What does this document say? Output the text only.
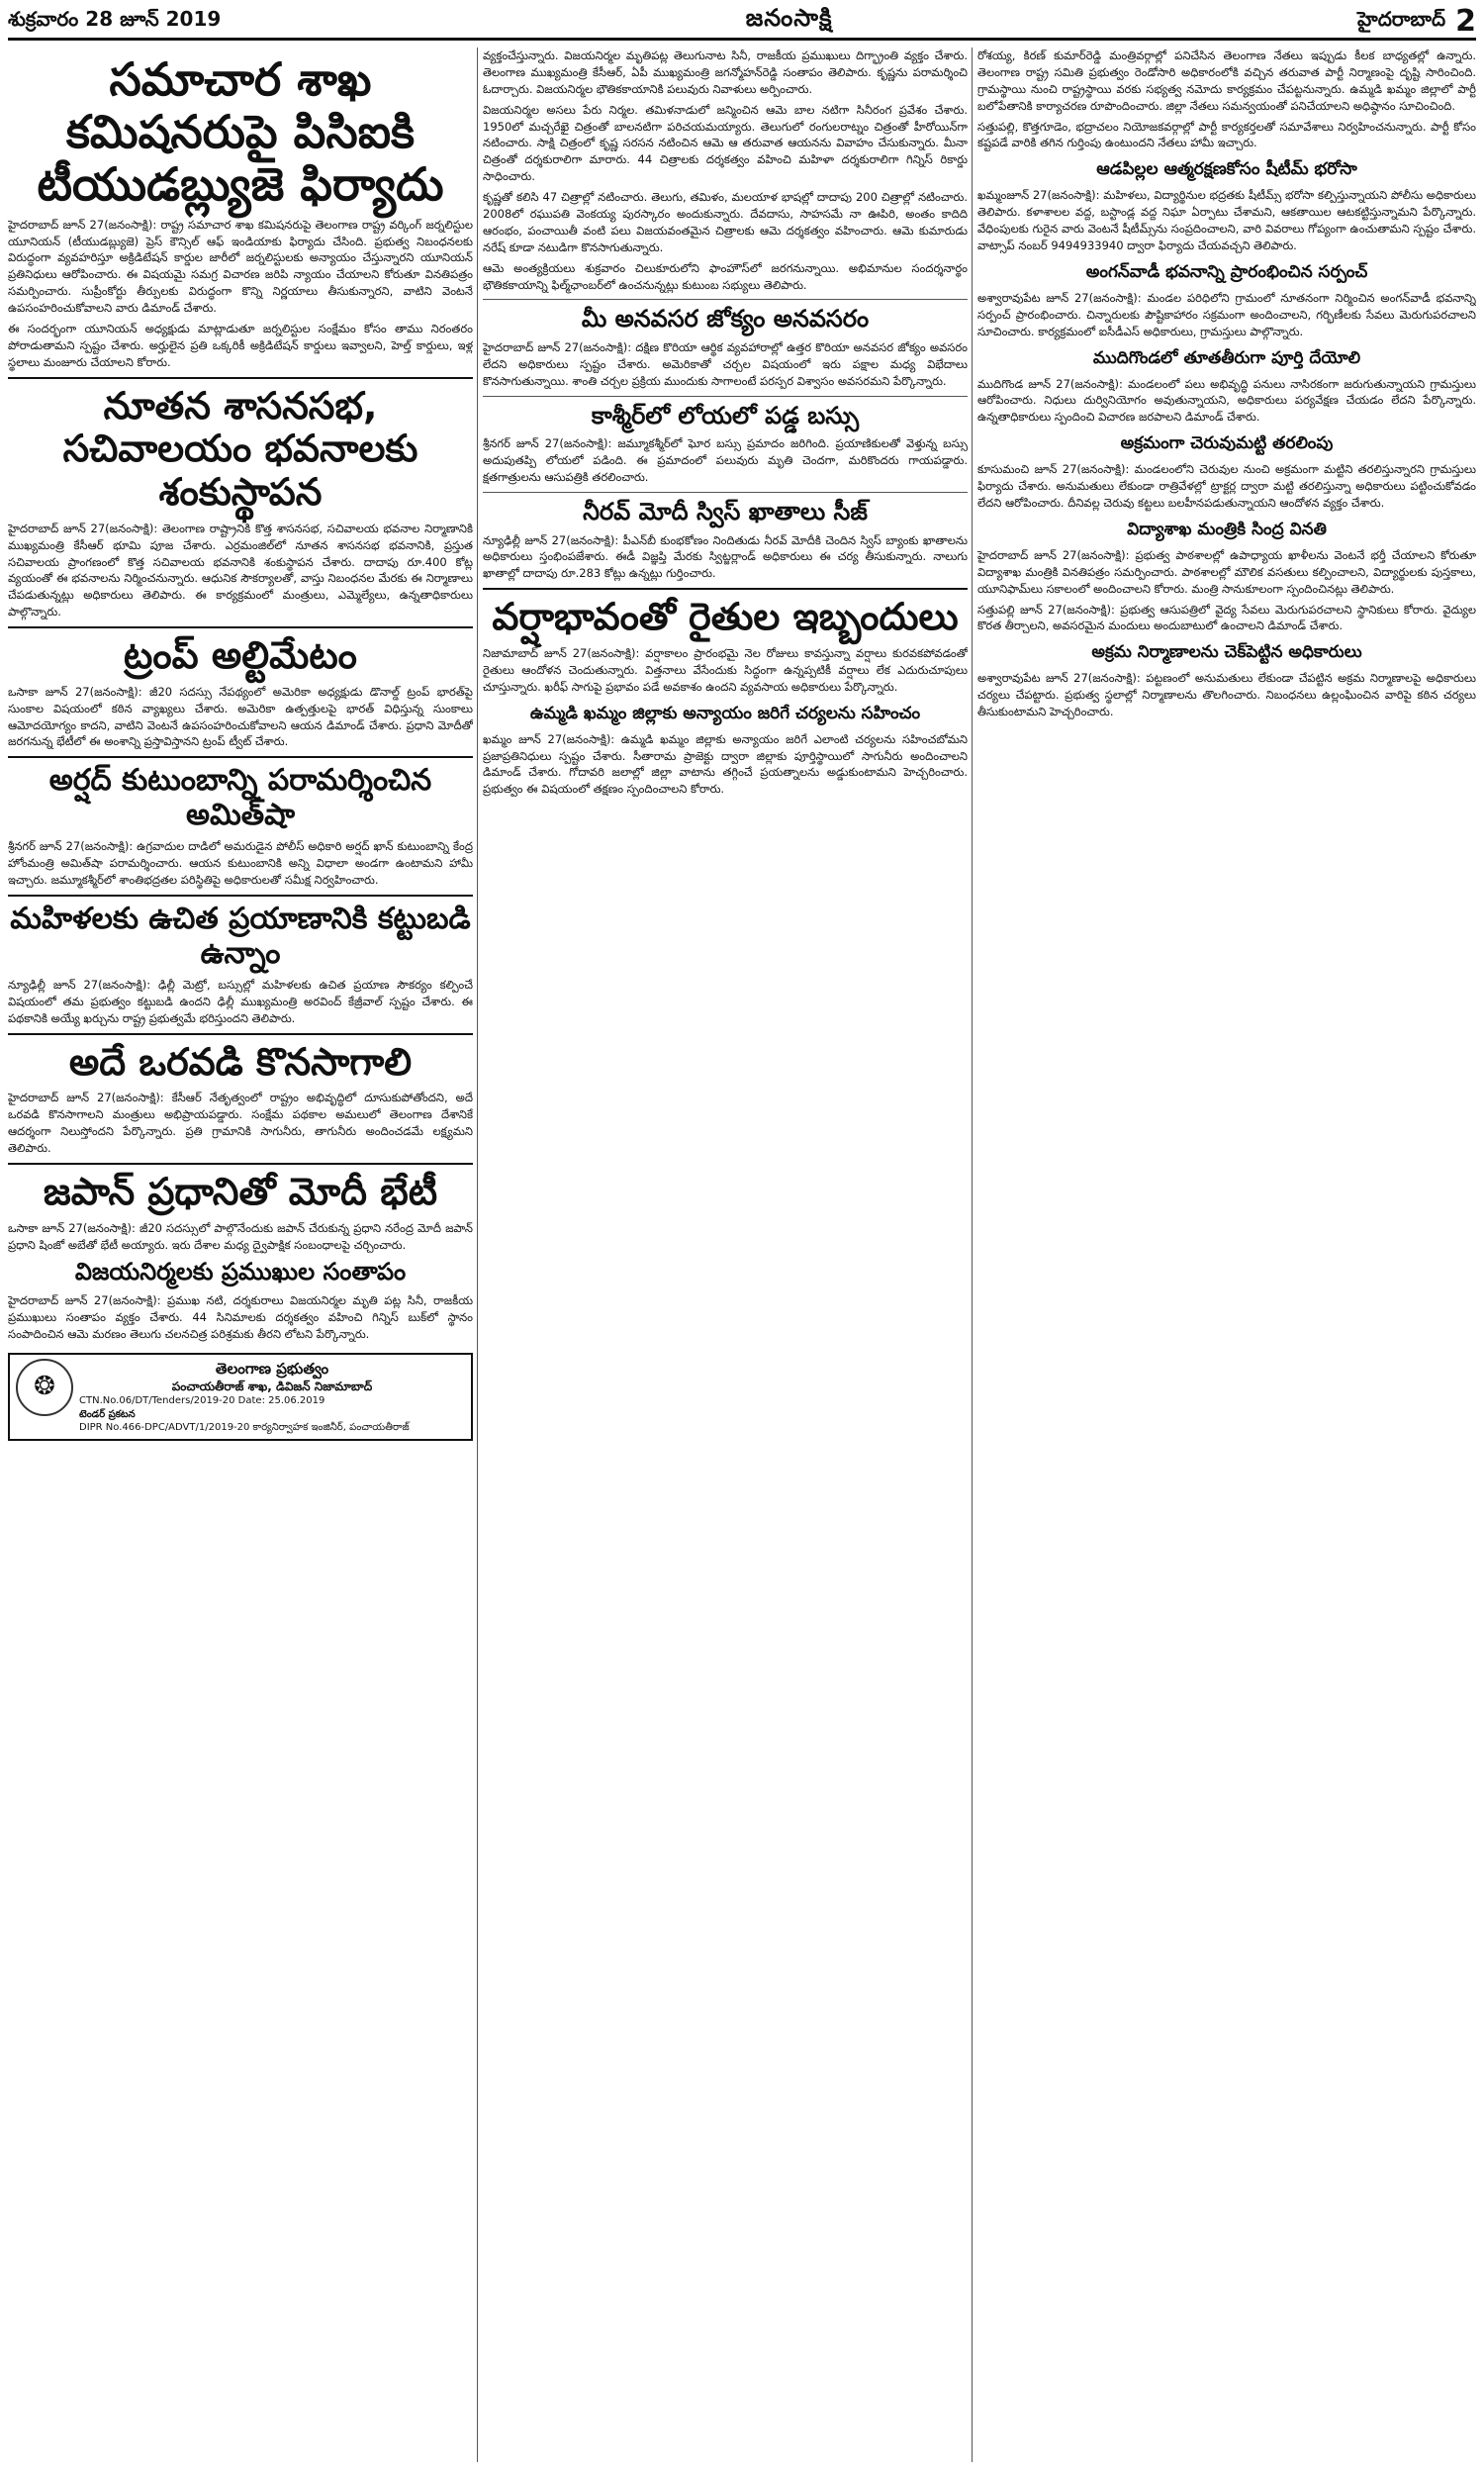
శుక్రవారం 28 జూన్ 2019	జనంసాక్షి	హైదరాబాద్ 2
సమాచార శాఖ కమిషనరుపై పిసిఐకి టీయుడబ్ల్యుజె ఫిర్యాదు

హైదరాబాద్ జూన్ 27(జనంసాక్షి): రాష్ట్ర సమాచార శాఖ కమిషనరుపై తెలంగాణ రాష్ట్ర వర్కింగ్ జర్నలిస్టుల యూనియన్ (టీయుడబ్ల్యుజె) ప్రెస్ కౌన్సిల్ ఆఫ్ ఇండియాకు ఫిర్యాదు చేసింది. ప్రభుత్వ నిబంధనలకు విరుద్ధంగా వ్యవహరిస్తూ అక్రిడిటేషన్ కార్డుల జారీలో జర్నలిస్టులకు అన్యాయం చేస్తున్నారని యూనియన్ ప్రతినిధులు ఆరోపించారు. ఈ విషయమై సమగ్ర విచారణ జరిపి న్యాయం చేయాలని కోరుతూ వినతిపత్రం సమర్పించారు. సుప్రీంకోర్టు తీర్పులకు విరుద్ధంగా కొన్ని నిర్ణయాలు తీసుకున్నారని, వాటిని వెంటనే ఉపసంహరించుకోవాలని వారు డిమాండ్ చేశారు.

ఈ సందర్భంగా యూనియన్ అధ్యక్షుడు మాట్లాడుతూ జర్నలిస్టుల సంక్షేమం కోసం తాము నిరంతరం పోరాడుతామని స్పష్టం చేశారు. అర్హులైన ప్రతి ఒక్కరికీ అక్రిడిటేషన్ కార్డులు ఇవ్వాలని, హెల్త్ కార్డులు, ఇళ్ల స్థలాలు మంజూరు చేయాలని కోరారు.

నూతన శాసనసభ, సచివాలయం భవనాలకు శంకుస్థాపన

హైదరాబాద్ జూన్ 27(జనంసాక్షి): తెలంగాణ రాష్ట్రానికి కొత్త శాసనసభ, సచివాలయ భవనాల నిర్మాణానికి ముఖ్యమంత్రి కేసీఆర్ భూమి పూజ చేశారు. ఎర్రమంజిల్‌లో నూతన శాసనసభ భవనానికి, ప్రస్తుత సచివాలయ ప్రాంగణంలో కొత్త సచివాలయ భవనానికి శంకుస్థాపన చేశారు. దాదాపు రూ.400 కోట్ల వ్యయంతో ఈ భవనాలను నిర్మించనున్నారు. ఆధునిక సౌకర్యాలతో, వాస్తు నిబంధనల మేరకు ఈ నిర్మాణాలు చేపడుతున్నట్లు అధికారులు తెలిపారు. ఈ కార్యక్రమంలో మంత్రులు, ఎమ్మెల్యేలు, ఉన్నతాధికారులు పాల్గొన్నారు.

ట్రంప్ అల్టిమేటం

ఒసాకా జూన్ 27(జనంసాక్షి): జీ20 సదస్సు నేపథ్యంలో అమెరికా అధ్యక్షుడు డొనాల్డ్ ట్రంప్ భారత్‌పై సుంకాల విషయంలో కఠిన వ్యాఖ్యలు చేశారు. అమెరికా ఉత్పత్తులపై భారత్ విధిస్తున్న సుంకాలు ఆమోదయోగ్యం కాదని, వాటిని వెంటనే ఉపసంహరించుకోవాలని ఆయన డిమాండ్ చేశారు. ప్రధాని మోదీతో జరగనున్న భేటీలో ఈ అంశాన్ని ప్రస్తావిస్తానని ట్రంప్ ట్వీట్ చేశారు.

అర్షద్ కుటుంబాన్ని పరామర్శించిన అమిత్‌షా

శ్రీనగర్ జూన్ 27(జనంసాక్షి): ఉగ్రవాదుల దాడిలో అమరుడైన పోలీస్ అధికారి అర్షద్ ఖాన్ కుటుంబాన్ని కేంద్ర హోంమంత్రి అమిత్‌షా పరామర్శించారు. ఆయన కుటుంబానికి అన్ని విధాలా అండగా ఉంటామని హామీ ఇచ్చారు. జమ్మూకశ్మీర్‌లో శాంతిభద్రతల పరిస్థితిపై అధికారులతో సమీక్ష నిర్వహించారు.

మహిళలకు ఉచిత ప్రయాణానికి కట్టుబడి ఉన్నాం

న్యూఢిల్లీ జూన్ 27(జనంసాక్షి): ఢిల్లీ మెట్రో, బస్సుల్లో మహిళలకు ఉచిత ప్రయాణ సౌకర్యం కల్పించే విషయంలో తమ ప్రభుత్వం కట్టుబడి ఉందని ఢిల్లీ ముఖ్యమంత్రి అరవింద్ కేజ్రీవాల్ స్పష్టం చేశారు. ఈ పథకానికి అయ్యే ఖర్చును రాష్ట్ర ప్రభుత్వమే భరిస్తుందని తెలిపారు.

అదే ఒరవడి కొనసాగాలి

హైదరాబాద్ జూన్ 27(జనంసాక్షి): కేసీఆర్ నేతృత్వంలో రాష్ట్రం అభివృద్ధిలో దూసుకుపోతోందని, అదే ఒరవడి కొనసాగాలని మంత్రులు అభిప్రాయపడ్డారు. సంక్షేమ పథకాల అమలులో తెలంగాణ దేశానికే ఆదర్శంగా నిలుస్తోందని పేర్కొన్నారు. ప్రతి గ్రామానికి సాగునీరు, తాగునీరు అందించడమే లక్ష్యమని తెలిపారు.

జపాన్ ప్రధానితో మోదీ భేటీ

ఒసాకా జూన్ 27(జనంసాక్షి): జీ20 సదస్సులో పాల్గొనేందుకు జపాన్ చేరుకున్న ప్రధాని నరేంద్ర మోదీ జపాన్ ప్రధాని షింజో అబేతో భేటీ అయ్యారు. ఇరు దేశాల మధ్య ద్వైపాక్షిక సంబంధాలపై చర్చించారు.

విజయనిర్మలకు ప్రముఖుల సంతాపం

హైదరాబాద్ జూన్ 27(జనంసాక్షి): ప్రముఖ నటి, దర్శకురాలు విజయనిర్మల మృతి పట్ల సినీ, రాజకీయ ప్రముఖులు సంతాపం వ్యక్తం చేశారు. 44 సినిమాలకు దర్శకత్వం వహించి గిన్నిస్ బుక్‌లో స్థానం సంపాదించిన ఆమె మరణం తెలుగు చలనచిత్ర పరిశ్రమకు తీరని లోటని పేర్కొన్నారు.

❂
తెలంగాణ ప్రభుత్వం
పంచాయతీరాజ్ శాఖ, డివిజన్ నిజామాబాద్
CTN.No.06/DT/Tenders/2019-20 Date: 25.06.2019
టెండర్ ప్రకటన
DIPR No.466-DPC/ADVT/1/2019-20 కార్యనిర్వాహక ఇంజినీర్, పంచాయతీరాజ్

వ్యక్తంచేస్తున్నారు. విజయనిర్మల మృతిపట్ల తెలుగునాట సినీ, రాజకీయ ప్రముఖులు దిగ్భ్రాంతి వ్యక్తం చేశారు. తెలంగాణ ముఖ్యమంత్రి కేసీఆర్, ఏపీ ముఖ్యమంత్రి జగన్మోహన్‌రెడ్డి సంతాపం తెలిపారు. కృష్ణను పరామర్శించి ఓదార్చారు. విజయనిర్మల భౌతికకాయానికి పలువురు నివాళులు అర్పించారు.

విజయనిర్మల అసలు పేరు నిర్మల. తమిళనాడులో జన్మించిన ఆమె బాల నటిగా సినీరంగ ప్రవేశం చేశారు. 1950లో మచ్చరేఖై చిత్రంతో బాలనటిగా పరిచయమయ్యారు. తెలుగులో రంగులరాట్నం చిత్రంతో హీరోయిన్‌గా నటించారు. సాక్షి చిత్రంలో కృష్ణ సరసన నటించిన ఆమె ఆ తరువాత ఆయనను వివాహం చేసుకున్నారు. మీనా చిత్రంతో దర్శకురాలిగా మారారు. 44 చిత్రాలకు దర్శకత్వం వహించి మహిళా దర్శకురాలిగా గిన్నిస్ రికార్డు సాధించారు.

కృష్ణతో కలిసి 47 చిత్రాల్లో నటించారు. తెలుగు, తమిళం, మలయాళ భాషల్లో దాదాపు 200 చిత్రాల్లో నటించారు. 2008లో రఘుపతి వెంకయ్య పురస్కారం అందుకున్నారు. దేవదాసు, సాహసమే నా ఊపిరి, అంతం కాదిది ఆరంభం, పంచాయితీ వంటి పలు విజయవంతమైన చిత్రాలకు ఆమె దర్శకత్వం వహించారు. ఆమె కుమారుడు నరేష్ కూడా నటుడిగా కొనసాగుతున్నారు.

ఆమె అంత్యక్రియలు శుక్రవారం చిలుకూరులోని ఫాంహౌస్‌లో జరగనున్నాయి. అభిమానుల సందర్శనార్థం భౌతికకాయాన్ని ఫిల్మ్‌ఛాంబర్‌లో ఉంచనున్నట్లు కుటుంబ సభ్యులు తెలిపారు.

మీ అనవసర జోక్యం అనవసరం

హైదరాబాద్ జూన్ 27(జనంసాక్షి): దక్షిణ కొరియా ఆర్థిక వ్యవహారాల్లో ఉత్తర కొరియా అనవసర జోక్యం అవసరం లేదని అధికారులు స్పష్టం చేశారు. అమెరికాతో చర్చల విషయంలో ఇరు పక్షాల మధ్య విభేదాలు కొనసాగుతున్నాయి. శాంతి చర్చల ప్రక్రియ ముందుకు సాగాలంటే పరస్పర విశ్వాసం అవసరమని పేర్కొన్నారు.

కాశ్మీర్‌లో లోయలో పడ్డ బస్సు

శ్రీనగర్ జూన్ 27(జనంసాక్షి): జమ్మూకశ్మీర్‌లో ఘోర బస్సు ప్రమాదం జరిగింది. ప్రయాణికులతో వెళ్తున్న బస్సు అదుపుతప్పి లోయలో పడింది. ఈ ప్రమాదంలో పలువురు మృతి చెందగా, మరికొందరు గాయపడ్డారు. క్షతగాత్రులను ఆసుపత్రికి తరలించారు.

నీరవ్ మోదీ స్విస్ ఖాతాలు సీజ్

న్యూఢిల్లీ జూన్ 27(జనంసాక్షి): పీఎన్‌బీ కుంభకోణం నిందితుడు నీరవ్ మోదీకి చెందిన స్విస్ బ్యాంకు ఖాతాలను అధికారులు స్తంభింపజేశారు. ఈడీ విజ్ఞప్తి మేరకు స్విట్జర్లాండ్ అధికారులు ఈ చర్య తీసుకున్నారు. నాలుగు ఖాతాల్లో దాదాపు రూ.283 కోట్లు ఉన్నట్లు గుర్తించారు.

వర్షాభావంతో రైతుల ఇబ్బందులు

నిజామాబాద్ జూన్ 27(జనంసాక్షి): వర్షాకాలం ప్రారంభమై నెల రోజులు కావస్తున్నా వర్షాలు కురవకపోవడంతో రైతులు ఆందోళన చెందుతున్నారు. విత్తనాలు వేసేందుకు సిద్ధంగా ఉన్నప్పటికీ వర్షాలు లేక ఎదురుచూపులు చూస్తున్నారు. ఖరీఫ్ సాగుపై ప్రభావం పడే అవకాశం ఉందని వ్యవసాయ అధికారులు పేర్కొన్నారు.

ఉమ్మడి ఖమ్మం జిల్లాకు అన్యాయం జరిగే చర్యలను సహించం

ఖమ్మం జూన్ 27(జనంసాక్షి): ఉమ్మడి ఖమ్మం జిల్లాకు అన్యాయం జరిగే ఎలాంటి చర్యలను సహించబోమని ప్రజాప్రతినిధులు స్పష్టం చేశారు. సీతారామ ప్రాజెక్టు ద్వారా జిల్లాకు పూర్తిస్థాయిలో సాగునీరు అందించాలని డిమాండ్ చేశారు. గోదావరి జలాల్లో జిల్లా వాటాను తగ్గించే ప్రయత్నాలను అడ్డుకుంటామని హెచ్చరించారు. ప్రభుత్వం ఈ విషయంలో తక్షణం స్పందించాలని కోరారు.

రోశయ్య, కిరణ్ కుమార్‌రెడ్డి మంత్రివర్గాల్లో పనిచేసిన తెలంగాణ నేతలు ఇప్పుడు కీలక బాధ్యతల్లో ఉన్నారు. తెలంగాణ రాష్ట్ర సమితి ప్రభుత్వం రెండోసారి అధికారంలోకి వచ్చిన తరువాత పార్టీ నిర్మాణంపై దృష్టి సారించింది. గ్రామస్థాయి నుంచి రాష్ట్రస్థాయి వరకు సభ్యత్వ నమోదు కార్యక్రమం చేపట్టనున్నారు. ఉమ్మడి ఖమ్మం జిల్లాలో పార్టీ బలోపేతానికి కార్యాచరణ రూపొందించారు. జిల్లా నేతలు సమన్వయంతో పనిచేయాలని అధిష్ఠానం సూచించింది.

సత్తుపల్లి, కొత్తగూడెం, భద్రాచలం నియోజకవర్గాల్లో పార్టీ కార్యకర్తలతో సమావేశాలు నిర్వహించనున్నారు. పార్టీ కోసం కష్టపడే వారికి తగిన గుర్తింపు ఉంటుందని నేతలు హామీ ఇచ్చారు.

ఆడపిల్లల ఆత్మరక్షణకోసం షీటీమ్ భరోసా

ఖమ్మంజూన్ 27(జనంసాక్షి): మహిళలు, విద్యార్థినుల భద్రతకు షీటీమ్స్ భరోసా కల్పిస్తున్నాయని పోలీసు అధికారులు తెలిపారు. కళాశాలల వద్ద, బస్టాండ్ల వద్ద నిఘా ఏర్పాటు చేశామని, ఆకతాయిల ఆటకట్టిస్తున్నామని పేర్కొన్నారు. వేధింపులకు గురైన వారు వెంటనే షీటీమ్స్‌ను సంప్రదించాలని, వారి వివరాలు గోప్యంగా ఉంచుతామని స్పష్టం చేశారు. వాట్సాప్ నంబర్ 9494933940 ద్వారా ఫిర్యాదు చేయవచ్చని తెలిపారు.

అంగన్‌వాడీ భవనాన్ని ప్రారంభించిన సర్పంచ్

అశ్వారావుపేట జూన్ 27(జనంసాక్షి): మండల పరిధిలోని గ్రామంలో నూతనంగా నిర్మించిన అంగన్‌వాడీ భవనాన్ని సర్పంచ్ ప్రారంభించారు. చిన్నారులకు పౌష్టికాహారం సక్రమంగా అందించాలని, గర్భిణీలకు సేవలు మెరుగుపరచాలని సూచించారు. కార్యక్రమంలో ఐసీడీఎస్ అధికారులు, గ్రామస్తులు పాల్గొన్నారు.

ముదిగొండలో తూతతీరుగా పూర్తి దేయోలి

ముదిగొండ జూన్ 27(జనంసాక్షి): మండలంలో పలు అభివృద్ధి పనులు నాసిరకంగా జరుగుతున్నాయని గ్రామస్తులు ఆరోపించారు. నిధులు దుర్వినియోగం అవుతున్నాయని, అధికారులు పర్యవేక్షణ చేయడం లేదని పేర్కొన్నారు. ఉన్నతాధికారులు స్పందించి విచారణ జరపాలని డిమాండ్ చేశారు.

అక్రమంగా చెరువుమట్టి తరలింపు

కూసుమంచి జూన్ 27(జనంసాక్షి): మండలంలోని చెరువుల నుంచి అక్రమంగా మట్టిని తరలిస్తున్నారని గ్రామస్తులు ఫిర్యాదు చేశారు. అనుమతులు లేకుండా రాత్రివేళల్లో ట్రాక్టర్ల ద్వారా మట్టి తరలిస్తున్నా అధికారులు పట్టించుకోవడం లేదని ఆరోపించారు. దీనివల్ల చెరువు కట్టలు బలహీనపడుతున్నాయని ఆందోళన వ్యక్తం చేశారు.

విద్యాశాఖ మంత్రికి సింద్ర వినతి

హైదరాబాద్ జూన్ 27(జనంసాక్షి): ప్రభుత్వ పాఠశాలల్లో ఉపాధ్యాయ ఖాళీలను వెంటనే భర్తీ చేయాలని కోరుతూ విద్యాశాఖ మంత్రికి వినతిపత్రం సమర్పించారు. పాఠశాలల్లో మౌలిక వసతులు కల్పించాలని, విద్యార్థులకు పుస్తకాలు, యూనిఫామ్‌లు సకాలంలో అందించాలని కోరారు. మంత్రి సానుకూలంగా స్పందించినట్లు తెలిపారు.

సత్తుపల్లి జూన్ 27(జనంసాక్షి): ప్రభుత్వ ఆసుపత్రిలో వైద్య సేవలు మెరుగుపరచాలని స్థానికులు కోరారు. వైద్యుల కొరత తీర్చాలని, అవసరమైన మందులు అందుబాటులో ఉంచాలని డిమాండ్ చేశారు.

అక్రమ నిర్మాణాలను చెక్‌పెట్టిన అధికారులు

అశ్వారావుపేట జూన్ 27(జనంసాక్షి): పట్టణంలో అనుమతులు లేకుండా చేపట్టిన అక్రమ నిర్మాణాలపై అధికారులు చర్యలు చేపట్టారు. ప్రభుత్వ స్థలాల్లో నిర్మాణాలను తొలగించారు. నిబంధనలు ఉల్లంఘించిన వారిపై కఠిన చర్యలు తీసుకుంటామని హెచ్చరించారు.
